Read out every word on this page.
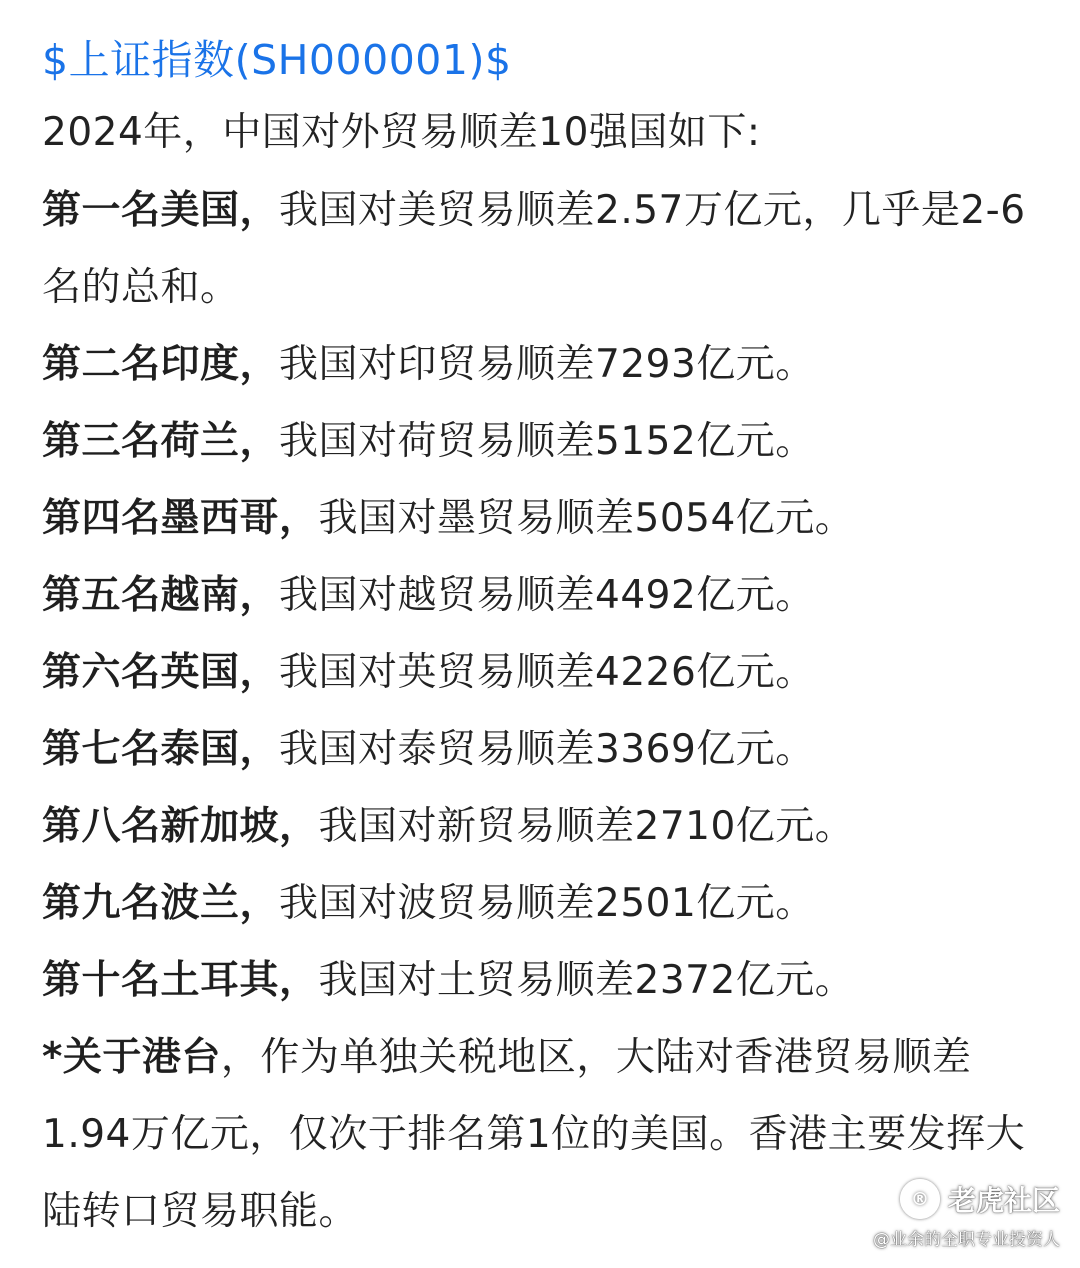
$上证指数(SH000001)$
2024年，中国对外贸易顺差10强国如下:
第一名美国，我国对美贸易顺差2.57万亿元，几乎是2-6名的总和。
第二名印度，我国对印贸易顺差7293亿元。
第三名荷兰，我国对荷贸易顺差5152亿元。
第四名墨西哥，我国对墨贸易顺差5054亿元。
第五名越南，我国对越贸易顺差4492亿元。
第六名英国，我国对英贸易顺差4226亿元。
第七名泰国，我国对泰贸易顺差3369亿元。
第八名新加坡，我国对新贸易顺差2710亿元。
第九名波兰，我国对波贸易顺差2501亿元。
第十名土耳其，我国对土贸易顺差2372亿元。
*关于港台，作为单独关税地区，大陆对香港贸易顺差1.94万亿元，仅次于排名第1位的美国。香港主要发挥大陆转口贸易职能。	® 老虎社区
@业余的全职专业投资人
